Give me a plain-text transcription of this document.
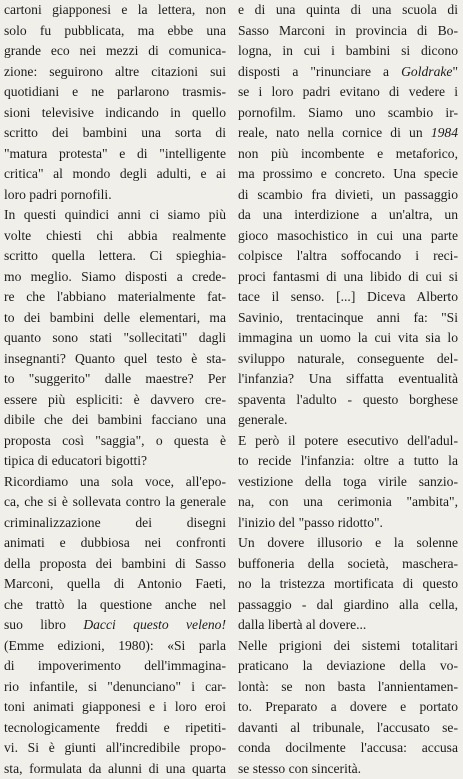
cartoni giapponesi e la lettera, non
solo fu pubblicata, ma ebbe una
grande eco nei mezzi di comunica-
zione: seguirono altre citazioni sui
quotidiani e ne parlarono trasmis-
sioni televisive indicando in quello
scritto dei bambini una sorta di
"matura protesta" e di "intelligente
critica" al mondo degli adulti, e ai
loro padri pornofili.
In questi quindici anni ci siamo più
volte chiesti chi abbia realmente
scritto quella lettera. Ci spieghia-
mo meglio. Siamo disposti a crede-
re che l'abbiano materialmente fat-
to dei bambini delle elementari, ma
quanto sono stati "sollecitati" dagli
insegnanti? Quanto quel testo è sta-
to "suggerito" dalle maestre? Per
essere più espliciti: è davvero cre-
dibile che dei bambini facciano una
proposta così "saggia", o questa è
tipica di educatori bigotti?
Ricordiamo una sola voce, all'epo-
ca, che si è sollevata contro la generale
criminalizzazione dei disegni
animati e dubbiosa nei confronti
della proposta dei bambini di Sasso
Marconi, quella di Antonio Faeti,
che trattò la questione anche nel
suo libro Dacci questo veleno!
(Emme edizioni, 1980): «Si parla
di impoverimento dell'immagina-
rio infantile, si "denunciano" i car-
toni animati giapponesi e i loro eroi
tecnologicamente freddi e ripetiti-
vi. Si è giunti all'incredibile propo-
sta, formulata da alunni di una quarta
e di una quinta di una scuola di
Sasso Marconi in provincia di Bo-
logna, in cui i bambini si dicono
disposti a "rinunciare a Goldrake"
se i loro padri evitano di vedere i
pornofilm. Siamo uno scambio ir-
reale, nato nella cornice di un 1984
non più incombente e metaforico,
ma prossimo e concreto. Una specie
di scambio fra divieti, un passaggio
da una interdizione a un'altra, un
gioco masochistico in cui una parte
colpisce l'altra soffocando i reci-
proci fantasmi di una libido di cui si
tace il senso. [...] Diceva Alberto
Savinio, trentacinque anni fa: "Si
immagina un uomo la cui vita sia lo
sviluppo naturale, conseguente del-
l'infanzia? Una siffatta eventualità
spaventa l'adulto - questo borghese
generale.
E però il potere esecutivo dell'adul-
to recide l'infanzia: oltre a tutto la
vestizione della toga virile sanzio-
na, con una cerimonia "ambita",
l'inizio del "passo ridotto".
Un dovere illusorio e la solenne
buffoneria della società, maschera-
no la tristezza mortificata di questo
passaggio - dal giardino alla cella,
dalla libertà al dovere...
Nelle prigioni dei sistemi totalitari
praticano la deviazione della vo-
lontà: se non basta l'annientamen-
to. Preparato a dovere e portato
davanti al tribunale, l'accusato se-
conda docilmente l'accusa: accusa
se stesso con sincerità.
